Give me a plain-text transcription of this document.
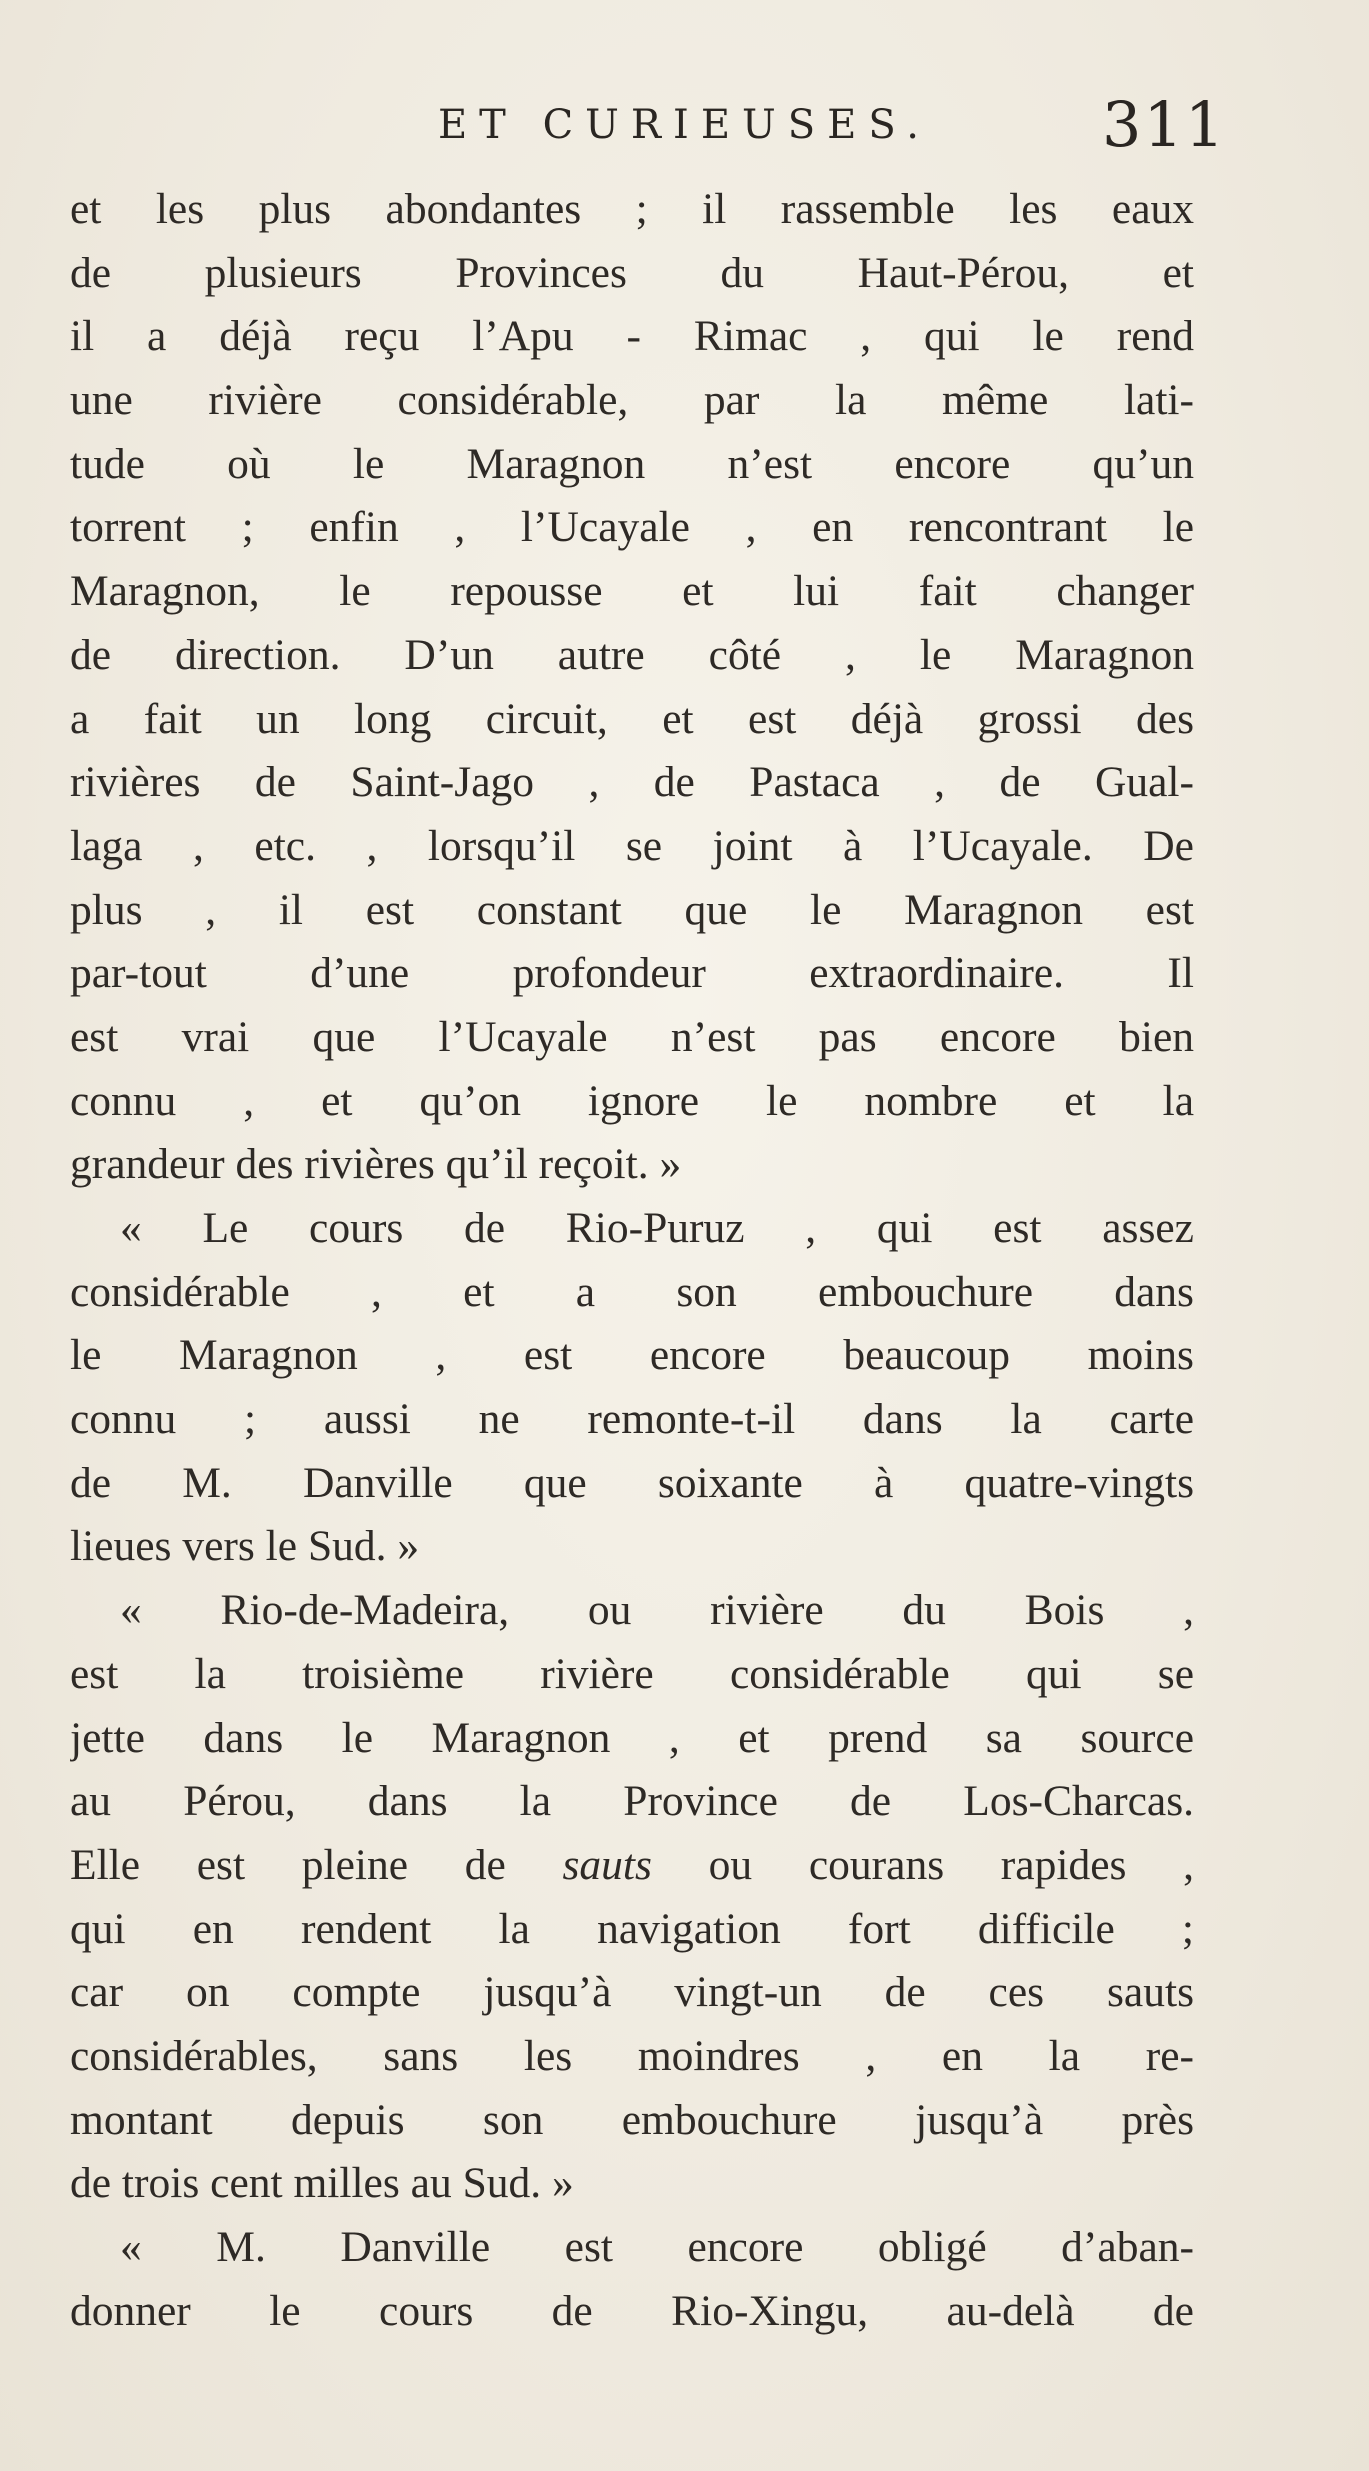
ET CURIEUSES.	311
et les plus abondantes ; il rassemble les eaux
de plusieurs Provinces du Haut-Pérou, et
il a déjà reçu l’Apu - Rimac , qui le rend
une rivière considérable, par la même lati-
tude où le Maragnon n’est encore qu’un
torrent ; enfin , l’Ucayale , en rencontrant le
Maragnon, le repousse et lui fait changer
de direction. D’un autre côté , le Maragnon
a fait un long circuit, et est déjà grossi des
rivières de Saint-Jago , de Pastaca , de Gual-
laga , etc. , lorsqu’il se joint à l’Ucayale. De
plus , il est constant que le Maragnon est
par-tout d’une profondeur extraordinaire. Il
est vrai que l’Ucayale n’est pas encore bien
connu , et qu’on ignore le nombre et la
grandeur des rivières qu’il reçoit. »
« Le cours de Rio-Puruz , qui est assez
considérable , et a son embouchure dans
le Maragnon , est encore beaucoup moins
connu ; aussi ne remonte-t-il dans la carte
de M. Danville que soixante à quatre-vingts
lieues vers le Sud. »
« Rio-de-Madeira, ou rivière du Bois ,
est la troisième rivière considérable qui se
jette dans le Maragnon , et prend sa source
au Pérou, dans la Province de Los-Charcas.
Elle est pleine de sauts ou courans rapides ,
qui en rendent la navigation fort difficile ;
car on compte jusqu’à vingt-un de ces sauts
considérables, sans les moindres , en la re-
montant depuis son embouchure jusqu’à près
de trois cent milles au Sud. »
« M. Danville est encore obligé d’aban-
donner le cours de Rio-Xingu, au-delà de
